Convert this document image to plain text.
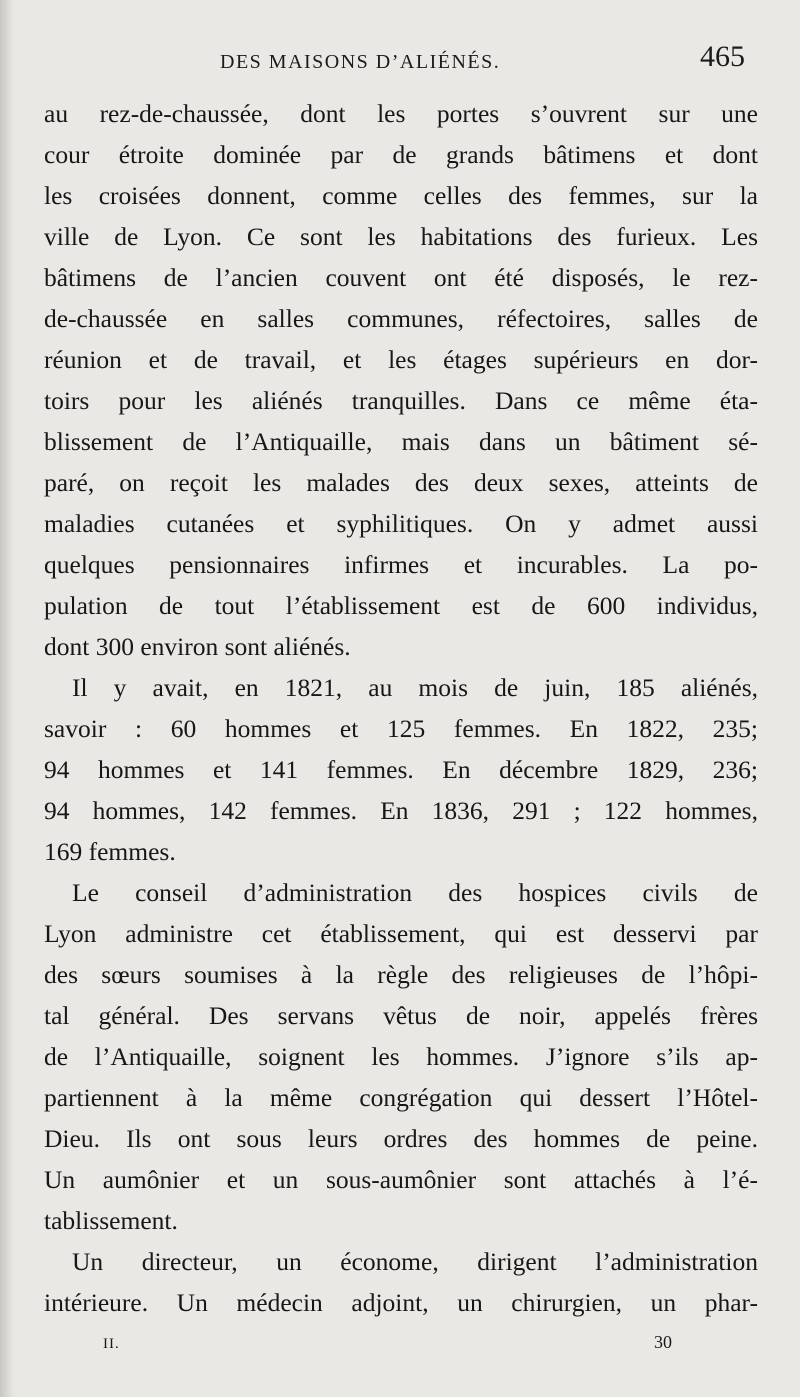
DES MAISONS D’ALIÉNÉS.	465
au rez-de-chaussée, dont les portes s’ouvrent sur une
cour étroite dominée par de grands bâtimens et dont
les croisées donnent, comme celles des femmes, sur la
ville de Lyon. Ce sont les habitations des furieux. Les
bâtimens de l’ancien couvent ont été disposés, le rez-
de-chaussée en salles communes, réfectoires, salles de
réunion et de travail, et les étages supérieurs en dor-
toirs pour les aliénés tranquilles. Dans ce même éta-
blissement de l’Antiquaille, mais dans un bâtiment sé-
paré, on reçoit les malades des deux sexes, atteints de
maladies cutanées et syphilitiques. On y admet aussi
quelques pensionnaires infirmes et incurables. La po-
pulation de tout l’établissement est de 600 individus,
dont 300 environ sont aliénés.
Il y avait, en 1821, au mois de juin, 185 aliénés,
savoir : 60 hommes et 125 femmes. En 1822, 235;
94 hommes et 141 femmes. En décembre 1829, 236;
94 hommes, 142 femmes. En 1836, 291 ; 122 hommes,
169 femmes.
Le conseil d’administration des hospices civils de
Lyon administre cet établissement, qui est desservi par
des sœurs soumises à la règle des religieuses de l’hôpi-
tal général. Des servans vêtus de noir, appelés frères
de l’Antiquaille, soignent les hommes. J’ignore s’ils ap-
partiennent à la même congrégation qui dessert l’Hôtel-
Dieu. Ils ont sous leurs ordres des hommes de peine.
Un aumônier et un sous-aumônier sont attachés à l’é-
tablissement.
Un directeur, un économe, dirigent l’administration
intérieure. Un médecin adjoint, un chirurgien, un phar-
II.	30
